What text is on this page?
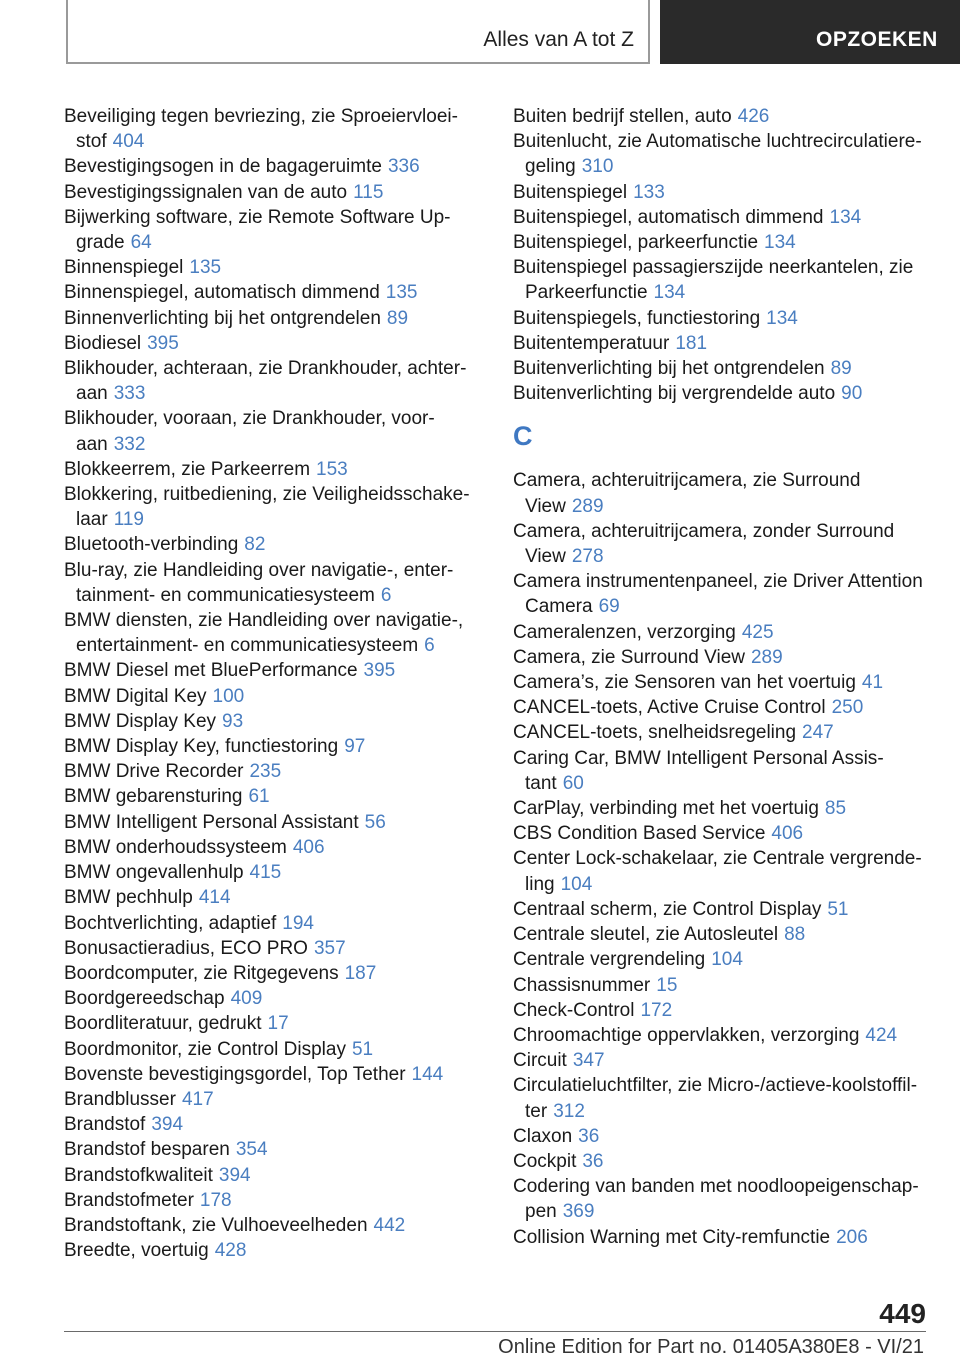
Alles van A tot Z	OPZOEKEN
Beveiliging tegen bevriezing, zie Sproeiervloeistof 404
Bevestigingsogen in de bagageruimte 336
Bevestigingssignalen van de auto 115
Bijwerking software, zie Remote Software Upgrade 64
Binnenspiegel 135
Binnenspiegel, automatisch dimmend 135
Binnenverlichting bij het ontgrendelen 89
Biodiesel 395
Blikhouder, achteraan, zie Drankhouder, achteraan 333
Blikhouder, vooraan, zie Drankhouder, vooraan 332
Blokkeerrem, zie Parkeerrem 153
Blokkering, ruitbediening, zie Veiligheidsschakelaar 119
Bluetooth-verbinding 82
Blu-ray, zie Handleiding over navigatie-, entertainment- en communicatiesysteem 6
BMW diensten, zie Handleiding over navigatie-, entertainment- en communicatiesysteem 6
BMW Diesel met BluePerformance 395
BMW Digital Key 100
BMW Display Key 93
BMW Display Key, functiestoring 97
BMW Drive Recorder 235
BMW gebarensturing 61
BMW Intelligent Personal Assistant 56
BMW onderhoudssysteem 406
BMW ongevallenhulp 415
BMW pechhulp 414
Bochtverlichting, adaptief 194
Bonusactieradius, ECO PRO 357
Boordcomputer, zie Ritgegevens 187
Boordgereedschap 409
Boordliteratuur, gedrukt 17
Boordmonitor, zie Control Display 51
Bovenste bevestigingsgordel, Top Tether 144
Brandblusser 417
Brandstof 394
Brandstof besparen 354
Brandstofkwaliteit 394
Brandstofmeter 178
Brandstoftank, zie Vulhoeveelheden 442
Breedte, voertuig 428
Buiten bedrijf stellen, auto 426
Buitenlucht, zie Automatische luchtrecirculatieregeling 310
Buitenspiegel 133
Buitenspiegel, automatisch dimmend 134
Buitenspiegel, parkeerfunctie 134
Buitenspiegel passagierszijde neerkantelen, zie Parkeerfunctie 134
Buitenspiegels, functiestoring 134
Buitentemperatuur 181
Buitenverlichting bij het ontgrendelen 89
Buitenverlichting bij vergrendelde auto 90
C
Camera, achteruitrijcamera, zie Surround View 289
Camera, achteruitrijcamera, zonder Surround View 278
Camera instrumentenpaneel, zie Driver Attention Camera 69
Cameralenzen, verzorging 425
Camera, zie Surround View 289
Camera’s, zie Sensoren van het voertuig 41
CANCEL-toets, Active Cruise Control 250
CANCEL-toets, snelheidsregeling 247
Caring Car, BMW Intelligent Personal Assistant 60
CarPlay, verbinding met het voertuig 85
CBS Condition Based Service 406
Center Lock-schakelaar, zie Centrale vergrendeling 104
Centraal scherm, zie Control Display 51
Centrale sleutel, zie Autosleutel 88
Centrale vergrendeling 104
Chassisnummer 15
Check-Control 172
Chroomachtige oppervlakken, verzorging 424
Circuit 347
Circulatieluchtfilter, zie Micro-/actieve-koolstoffilter 312
Claxon 36
Cockpit 36
Codering van banden met noodloopeigenschappen 369
Collision Warning met City-remfunctie 206
449
Online Edition for Part no. 01405A380E8 - VI/21
